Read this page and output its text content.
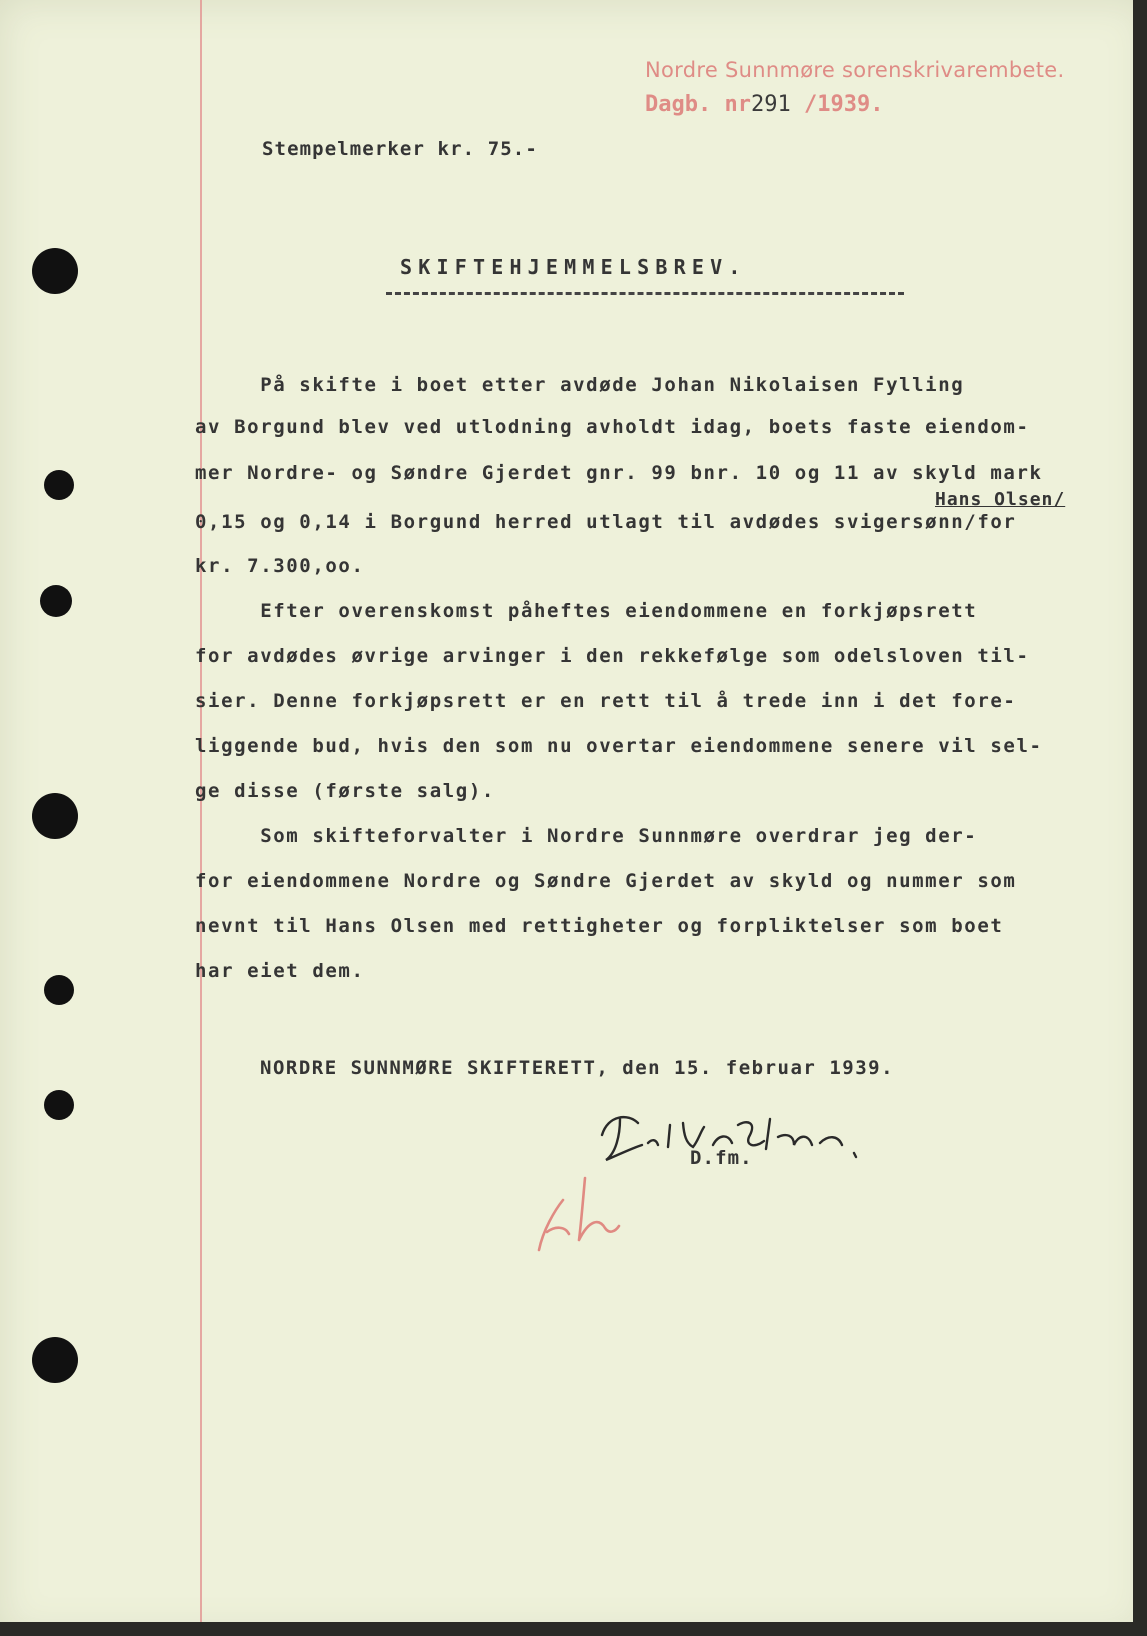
Nordre Sunnmøre sorenskrivarembete.
Dagb. nr291 /1939.
Stempelmerker kr. 75.-
SKIFTEHJEMMELSBREV.
På skifte i boet etter avdøde Johan Nikolaisen Fylling
av Borgund blev ved utlodning avholdt idag, boets faste eiendom-
mer Nordre- og Søndre Gjerdet gnr. 99 bnr. 10 og 11 av skyld mark
Hans Olsen/
0,15 og 0,14 i Borgund herred utlagt til avdødes svigersønn/for
kr. 7.300,oo.
Efter overenskomst påheftes eiendommene en forkjøpsrett
for avdødes øvrige arvinger i den rekkefølge som odelsloven til-
sier. Denne forkjøpsrett er en rett til å trede inn i det fore-
liggende bud, hvis den som nu overtar eiendommene senere vil sel-
ge disse (første salg).
Som skifteforvalter i Nordre Sunnmøre overdrar jeg der-
for eiendommene Nordre og Søndre Gjerdet av skyld og nummer som
nevnt til Hans Olsen med rettigheter og forpliktelser som boet
har eiet dem.
NORDRE SUNNMØRE SKIFTERETT, den 15. februar 1939.
D.fm.
